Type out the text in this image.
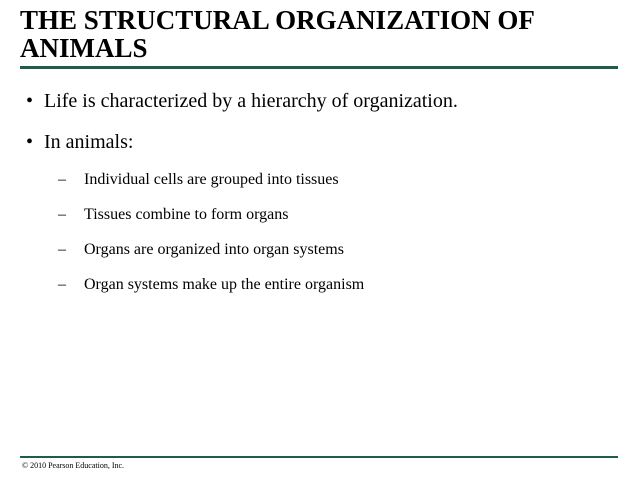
THE STRUCTURAL ORGANIZATION OF ANIMALS
• Life is characterized by a hierarchy of organization.
• In animals:
– Individual cells are grouped into tissues
– Tissues combine to form organs
– Organs are organized into organ systems
– Organ systems make up the entire organism
© 2010 Pearson Education, Inc.
